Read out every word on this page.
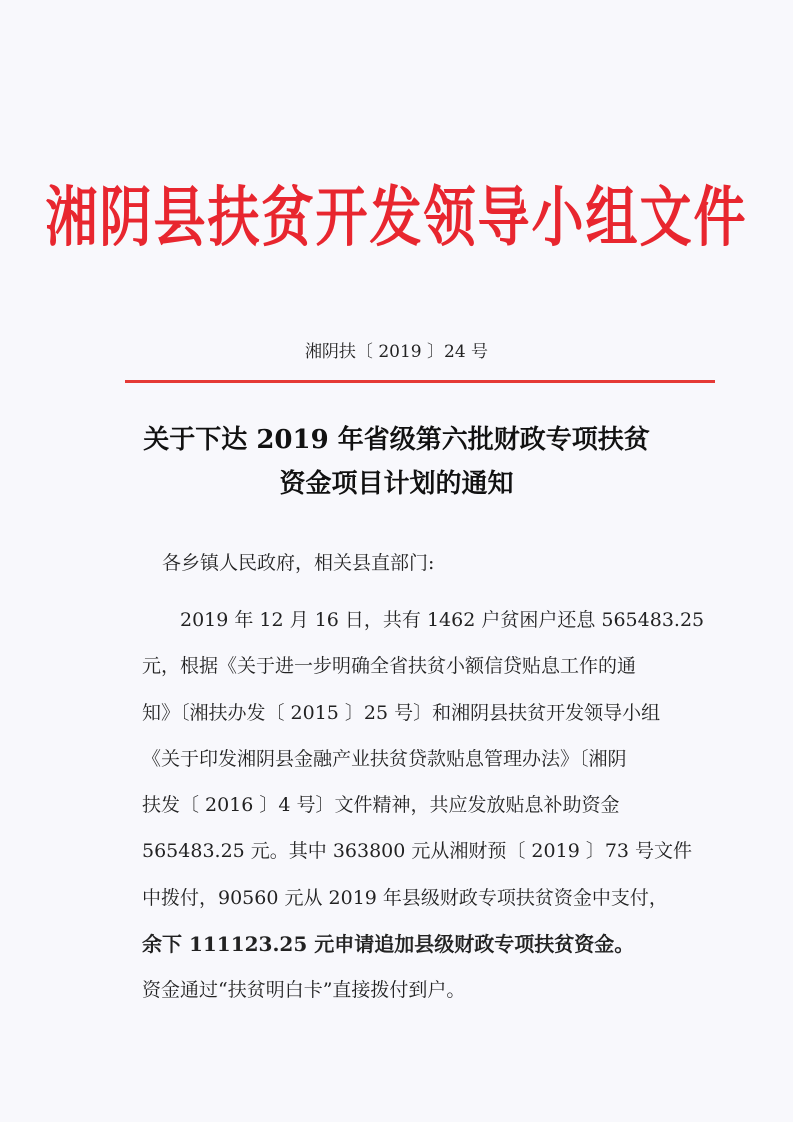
湘阴县扶贫开发领导小组文件
湘阴扶〔 2019 〕24 号
关于下达 2019 年省级第六批财政专项扶贫
资金项目计划的通知
各乡镇人民政府，相关县直部门:
2019 年 12 月 16 日，共有 1462 户贫困户还息 565483.25
元，根据《关于进一步明确全省扶贫小额信贷贴息工作的通
知》〔湘扶办发〔 2015 〕25 号〕和湘阴县扶贫开发领导小组
《关于印发湘阴县金融产业扶贫贷款贴息管理办法》〔湘阴
扶发〔 2016 〕4 号〕文件精神，共应发放贴息补助资金
565483.25 元。其中 363800 元从湘财预〔 2019 〕73 号文件
中拨付，90560 元从 2019 年县级财政专项扶贫资金中支付，
余下 111123.25 元申请追加县级财政专项扶贫资金。
资金通过“扶贫明白卡”直接拨付到户。
